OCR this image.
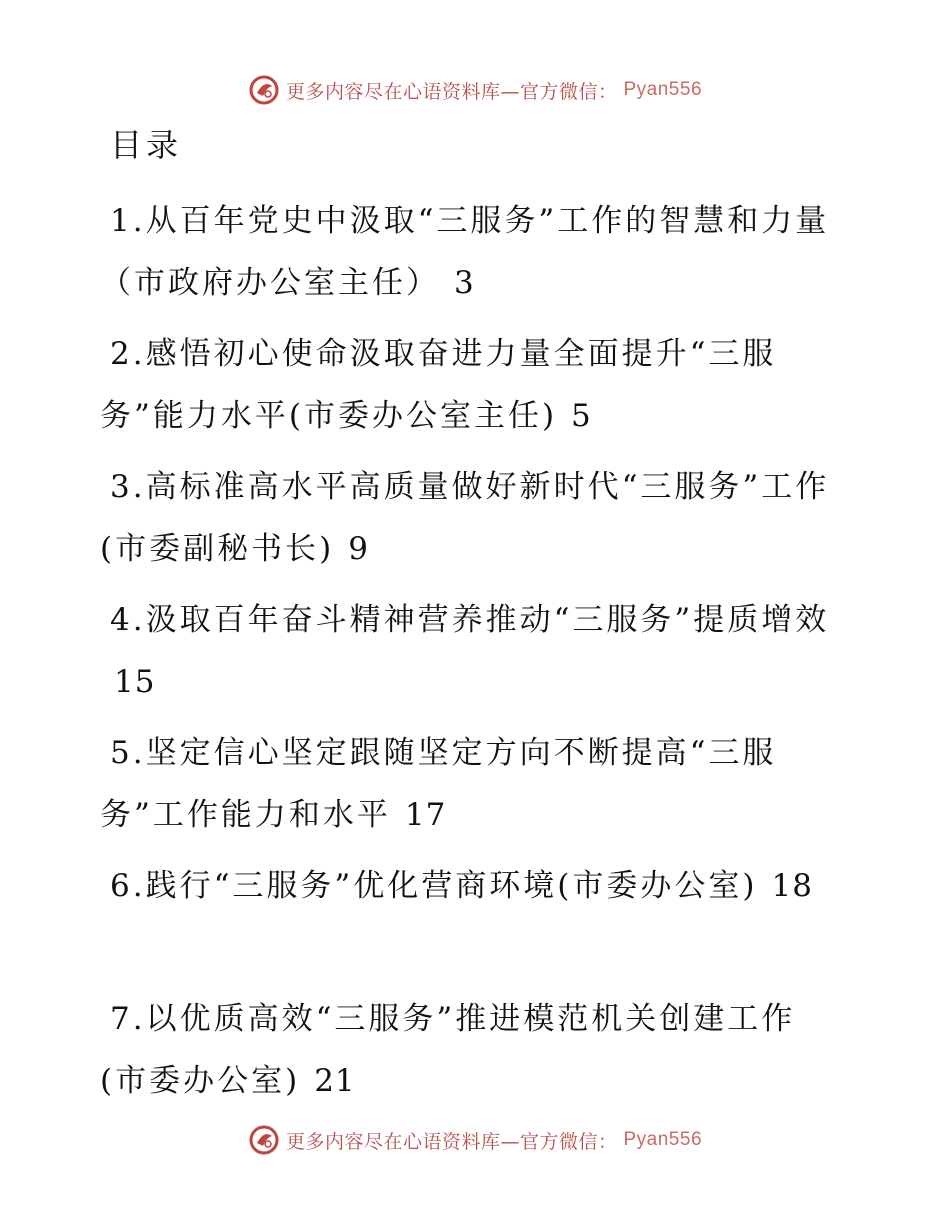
更多内容尽在心语资料库—官方微信： Pyan556
目录
1.从百年党史中汲取“三服务”工作的智慧和力量（市政府办公室主任） 3
2.感悟初心使命汲取奋进力量全面提升“三服务”能力水平(市委办公室主任) 5
3.高标准高水平高质量做好新时代“三服务”工作(市委副秘书长) 9
4.汲取百年奋斗精神营养推动“三服务”提质增效15
5.坚定信心坚定跟随坚定方向不断提高“三服务”工作能力和水平 17
6.践行“三服务”优化营商环境(市委办公室) 18
7.以优质高效“三服务”推进模范机关创建工作(市委办公室) 21
更多内容尽在心语资料库—官方微信： Pyan556
